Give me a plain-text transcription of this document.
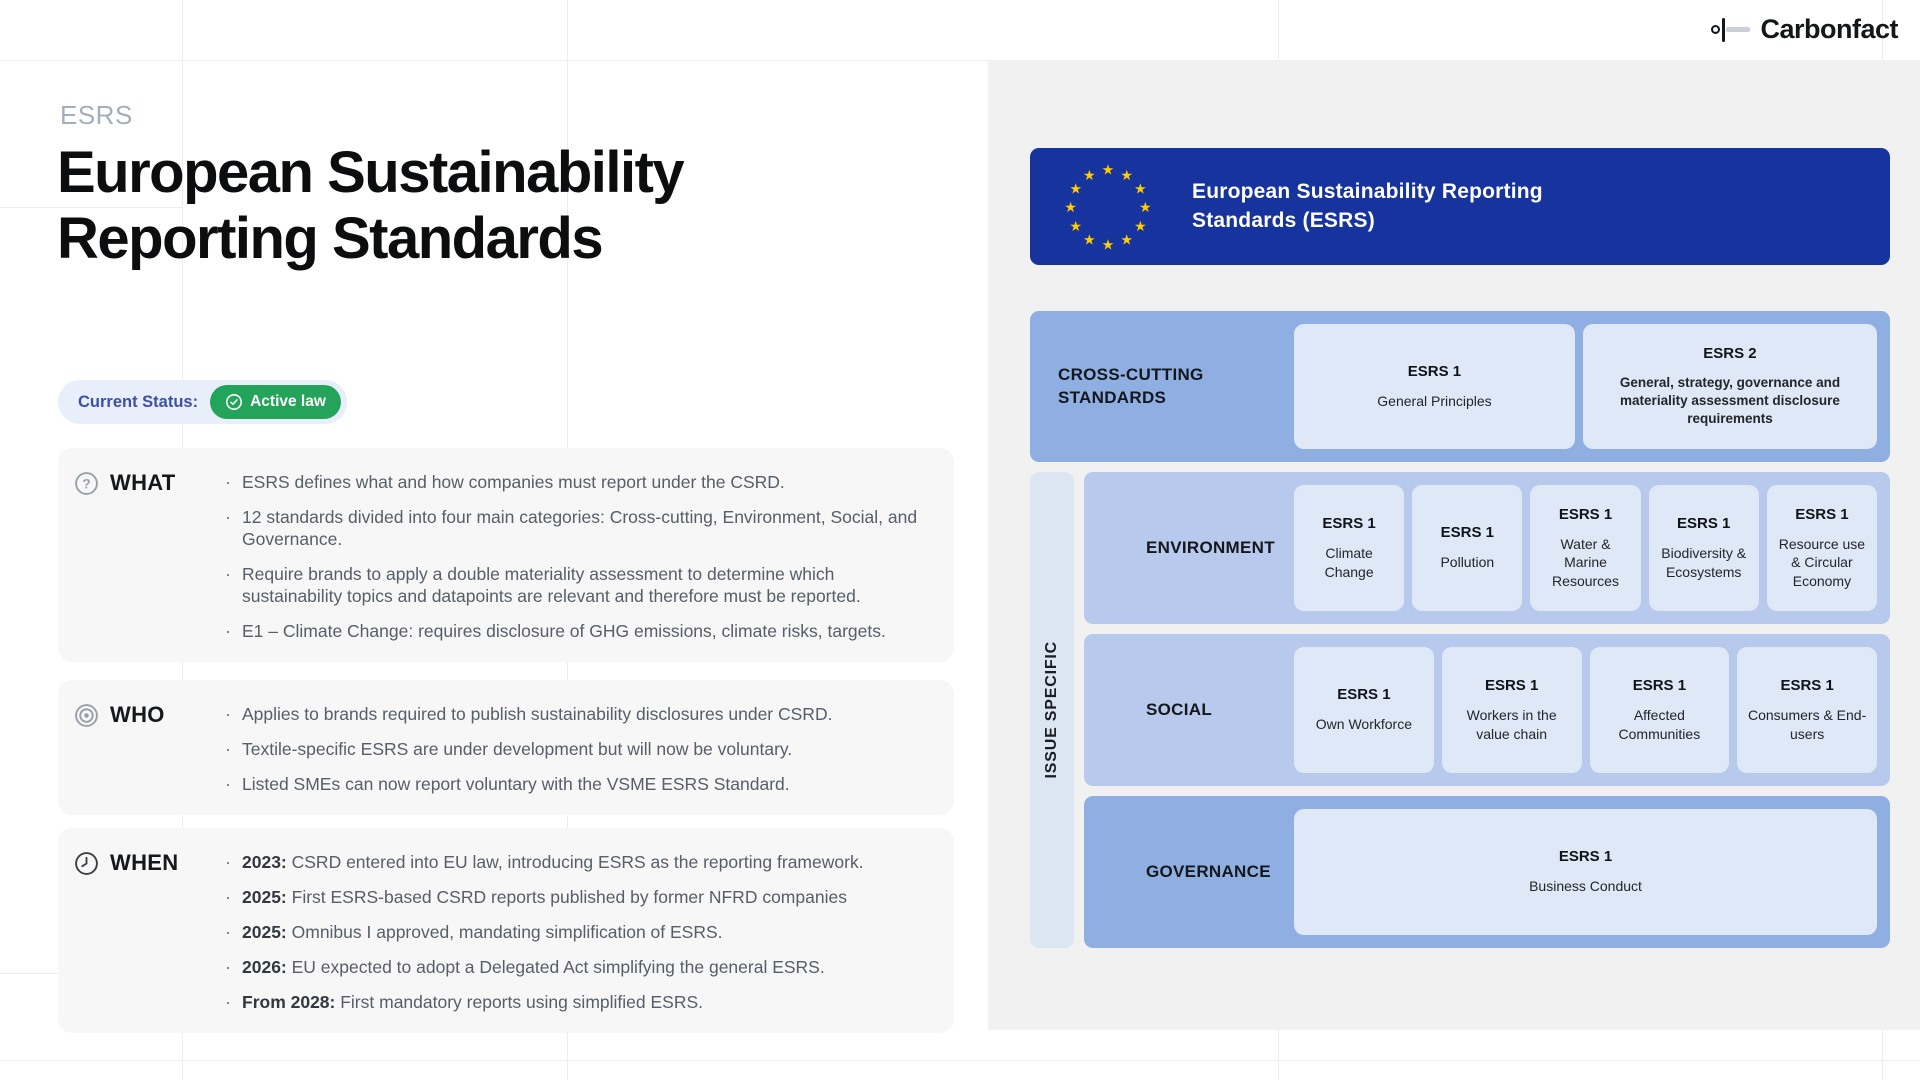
Carbonfact
ESRS
European Sustainability
Reporting Standards
Current Status:	Active law
? WHAT	· ESRS defines what and how companies must report under the CSRD.

· 12 standards divided into four main categories: Cross-cutting, Environment, Social, and Governance.

· Require brands to apply a double materiality assessment to determine which sustainability topics and datapoints are relevant and therefore must be reported.

· E1 – Climate Change: requires disclosure of GHG emissions, climate risks, targets.

WHO	· Applies to brands required to publish sustainability disclosures under CSRD.

· Textile-specific ESRS are under development but will now be voluntary.

· Listed SMEs can now report voluntary with the VSME ESRS Standard.

WHEN	· 2023: CSRD entered into EU law, introducing ESRS as the reporting framework.

· 2025: First ESRS-based CSRD reports published by former NFRD companies

· 2025: Omnibus I approved, mandating simplification of ESRS.

· 2026: EU expected to adopt a Delegated Act simplifying the general ESRS.

· From 2028: First mandatory reports using simplified ESRS.

★ ★
★
★
★
★
★
★
★
★
★
★
European Sustainability Reporting Standards (ESRS)
CROSS-CUTTING STANDARDS
ESRS 1
General Principles
ESRS 2
General, strategy, governance and materiality assessment disclosure requirements
ISSUE SPECIFIC
ENVIRONMENT
ESRS 1
Climate Change
ESRS 1
Pollution
ESRS 1
Water & Marine Resources
ESRS 1
Biodiversity & Ecosystems
ESRS 1
Resource use & Circular Economy
SOCIAL
ESRS 1
Own Workforce
ESRS 1
Workers in the value chain
ESRS 1
Affected Communities
ESRS 1
Consumers & End-users
GOVERNANCE
ESRS 1
Business Conduct
